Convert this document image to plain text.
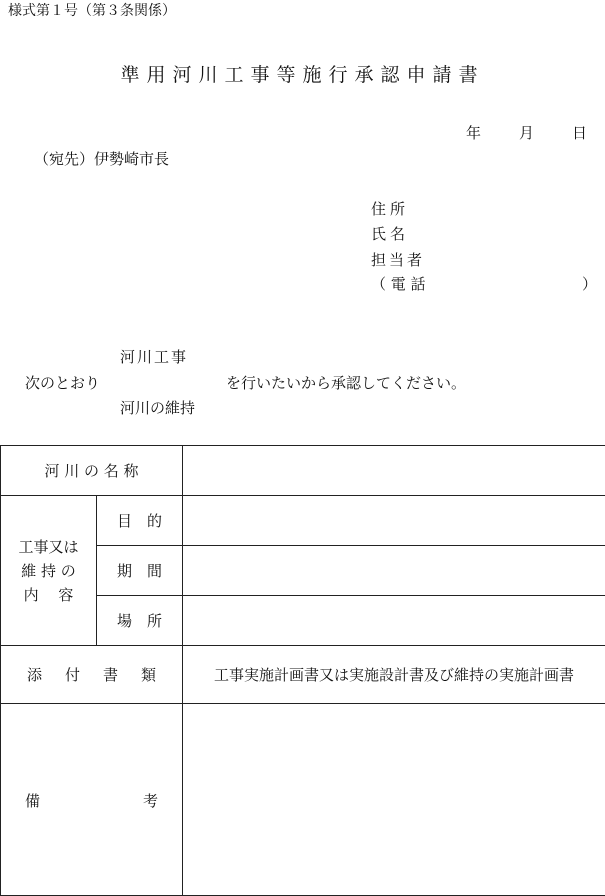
様式第１号（第３条関係）
準用河川工事等施行承認申請書
年	月	日
（宛先）伊勢崎市長
住所
氏名
担当者
（ 電 話	）
河川工事
次のとおり	を行いたいから承認してください。
河川の維持
河 川 の 名 称		

工事又は
維 持 の
内　 容	目　的	
	期　間	
	場　所	

添 付 書 類		工事実施計画書又は実施設計書及び維持の実施計画書

備 考		
